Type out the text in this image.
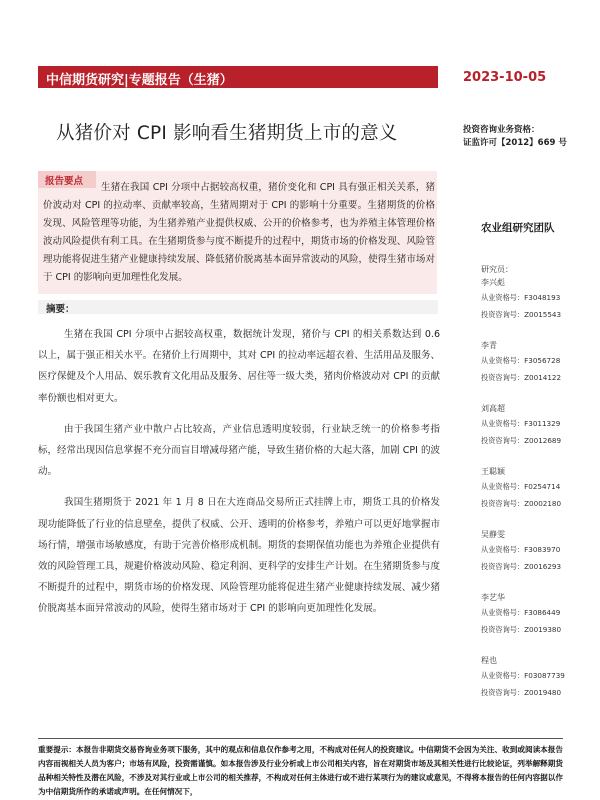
中信期货研究|专题报告（生猪）	2023-10-05
从猪价对 CPI 影响看生猪期货上市的意义	投资咨询业务资格：
证监许可【2012】669 号
报告要点
生猪在我国 CPI 分项中占据较高权重，猪价变化和 CPI 具有强正相关关系，猪价波动对 CPI 的拉动率、贡献率较高，生猪周期对于 CPI 的影响十分重要。生猪期货的价格发现、风险管理等功能，为生猪养殖产业提供权威、公开的价格参考，也为养殖主体管理价格波动风险提供有利工具。在生猪期货参与度不断提升的过程中，期货市场的价格发现、风险管理功能将促进生猪产业健康持续发展、降低猪价脱离基本面异常波动的风险，使得生猪市场对于 CPI 的影响向更加理性化发展。
农业组研究团队
研究员：
李兴彪
从业资格号：F3048193
投资咨询号：Z0015543
李青
从业资格号：F3056728
投资咨询号：Z0014122
刘高超
从业资格号：F3011329
投资咨询号：Z0012689
王聪颖
从业资格号：F0254714
投资咨询号：Z0002180
吴静雯
从业资格号：F3083970
投资咨询号：Z0016293
李艺华
从业资格号：F3086449
投资咨询号：Z0019380
程也
从业资格号：F03087739
投资咨询号：Z0019480
摘要：

生猪在我国 CPI 分项中占据较高权重，数据统计发现，猪价与 CPI 的相关系数达到 0.6 以上，属于强正相关水平。在猪价上行周期中，其对 CPI 的拉动率远超衣着、生活用品及服务、医疗保健及个人用品、娱乐教育文化用品及服务、居住等一级大类，猪肉价格波动对 CPI 的贡献率份额也相对更大。

由于我国生猪产业中散户占比较高，产业信息透明度较弱，行业缺乏统一的价格参考指标，经常出现因信息掌握不充分而盲目增减母猪产能，导致生猪价格的大起大落，加剧 CPI 的波动。

我国生猪期货于 2021 年 1 月 8 日在大连商品交易所正式挂牌上市，期货工具的价格发现功能降低了行业的信息壁垒，提供了权威、公开、透明的价格参考，养殖户可以更好地掌握市场行情，增强市场敏感度，有助于完善价格形成机制。期货的套期保值功能也为养殖企业提供有效的风险管理工具，规避价格波动风险、稳定利润、更科学的安排生产计划。在生猪期货参与度不断提升的过程中，期货市场的价格发现、风险管理功能将促进生猪产业健康持续发展、减少猪价脱离基本面异常波动的风险，使得生猪市场对于 CPI 的影响向更加理性化发展。

重要提示：本报告非期货交易咨询业务项下服务，其中的观点和信息仅作参考之用，不构成对任何人的投资建议。中信期货不会因为关注、收到或阅读本报告内容而视相关人员为客户；市场有风险，投资需谨慎。如本报告涉及行业分析或上市公司相关内容，旨在对期货市场及其相关性进行比较论证，列举解释期货品种相关特性及潜在风险，不涉及对其行业或上市公司的相关推荐，不构成对任何主体进行或不进行某项行为的建议或意见，不得将本报告的任何内容据以作为中信期货所作的承诺或声明。在任何情况下，
